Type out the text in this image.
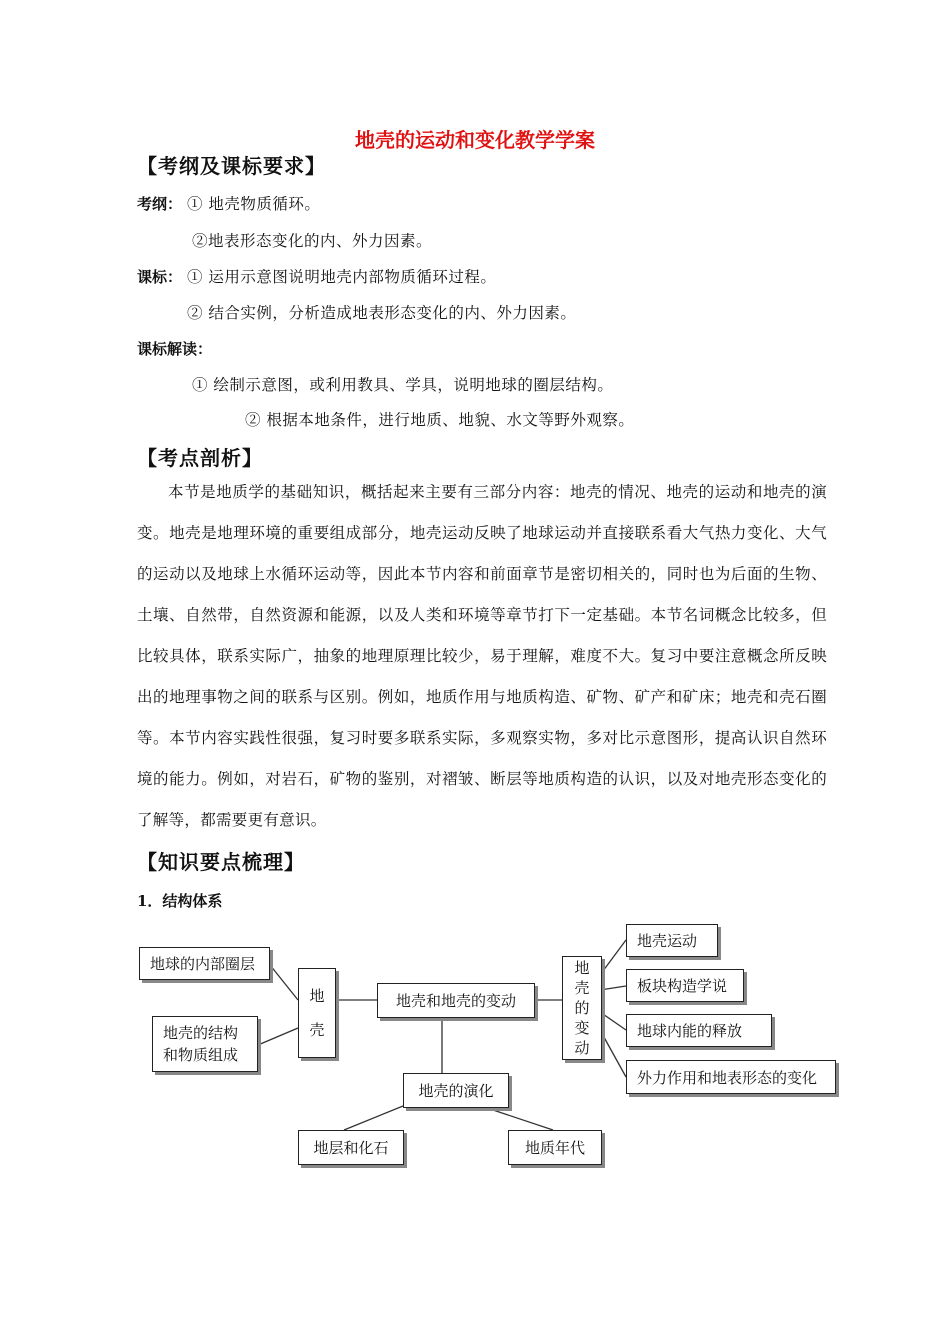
地壳的运动和变化教学学案
【考纲及课标要求】
考纲： ① 地壳物质循环。
②地表形态变化的内、外力因素。
课标： ① 运用示意图说明地壳内部物质循环过程。
② 结合实例，分析造成地表形态变化的内、外力因素。
课标解读：
① 绘制示意图，或利用教具、学具，说明地球的圈层结构。
② 根据本地条件，进行地质、地貌、水文等野外观察。
【考点剖析】

本节是地质学的基础知识，概括起来主要有三部分内容：地壳的情况、地壳的运动和地壳的演变。地壳是地理环境的重要组成部分，地壳运动反映了地球运动并直接联系看大气热力变化、大气的运动以及地球上水循环运动等，因此本节内容和前面章节是密切相关的，同时也为后面的生物、土壤、自然带，自然资源和能源，以及人类和环境等章节打下一定基础。本节名词概念比较多，但比较具体，联系实际广，抽象的地理原理比较少，易于理解，难度不大。复习中要注意概念所反映出的地理事物之间的联系与区别。例如，地质作用与地质构造、矿物、矿产和矿床；地壳和壳石圈等。本节内容实践性很强，复习时要多联系实际，多观察实物，多对比示意图形，提高认识自然环境的能力。例如，对岩石，矿物的鉴别，对褶皱、断层等地质构造的认识，以及对地壳形态变化的了解等，都需要更有意识。

【知识要点梳理】
1．结构体系
地球的内部圈层
地壳的结构
和物质组成
地
壳
地壳和地壳的变动
地
壳
的
变
动
地壳运动
板块构造学说
地球内能的释放
外力作用和地表形态的变化
地壳的演化
地层和化石	地质年代
